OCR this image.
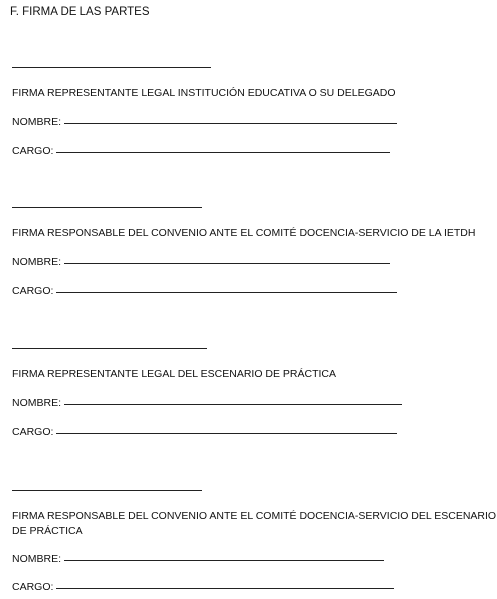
F. FIRMA DE LAS PARTES
FIRMA REPRESENTANTE LEGAL INSTITUCIÓN EDUCATIVA O SU DELEGADO
NOMBRE:
CARGO:
FIRMA RESPONSABLE DEL CONVENIO ANTE EL COMITÉ DOCENCIA-SERVICIO DE LA IETDH
NOMBRE:
CARGO:
FIRMA REPRESENTANTE LEGAL DEL ESCENARIO DE PRÁCTICA
NOMBRE:
CARGO:
FIRMA RESPONSABLE DEL CONVENIO ANTE EL COMITÉ DOCENCIA-SERVICIO DEL ESCENARIO DE PRÁCTICA
NOMBRE:
CARGO:
